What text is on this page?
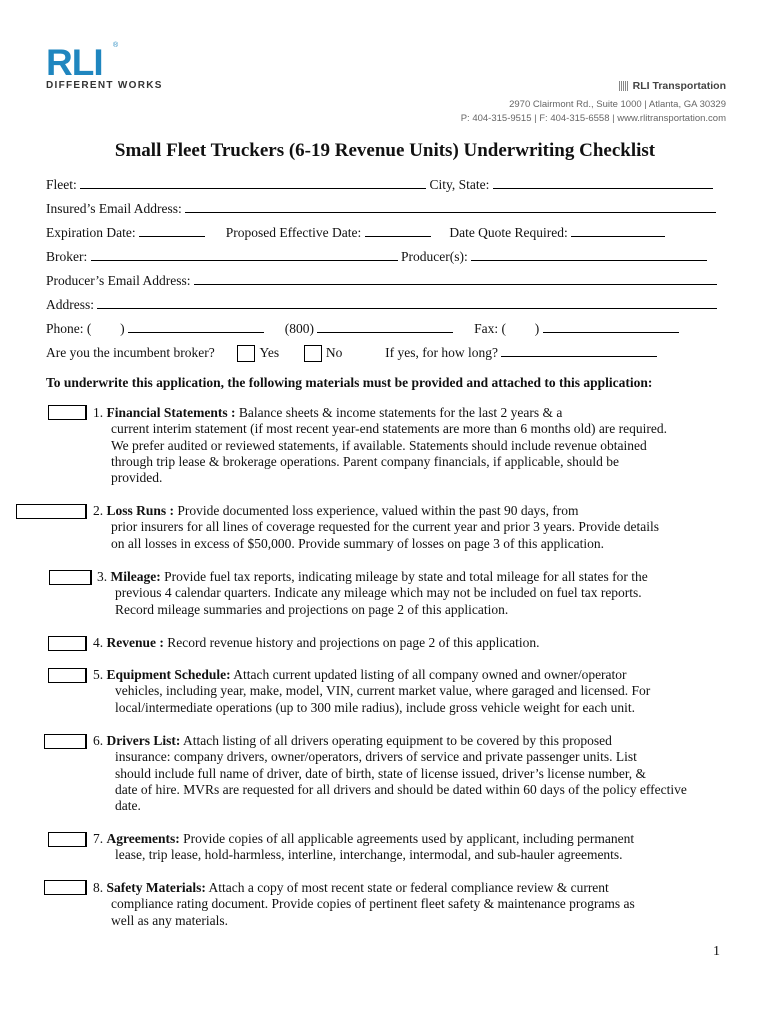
RLI ®
DIFFERENT WORKS	RLI Transportation
2970 Clairmont Rd., Suite 1000 | Atlanta, GA 30329
P: 404-315-9515 | F: 404-315-6558 | www.rlitransportation.com
Small Fleet Truckers (6-19 Revenue Units) Underwriting Checklist
Fleet:	City, State:
Insured’s Email Address:
Expiration Date:	Proposed Effective Date:	Date Quote Required:
Broker:	Producer(s):
Producer’s Email Address:
Address:
Phone: ( )	(800)	Fax: ( )
Are you the incumbent broker?	Yes	No	If yes, for how long?
To underwrite this application, the following materials must be provided and attached to this application:
1. Financial Statements : Balance sheets & income statements for the last 2 years & a
current interim statement (if most recent year-end statements are more than 6 months old) are required.
We prefer audited or reviewed statements, if available. Statements should include revenue obtained
through trip lease & brokerage operations. Parent company financials, if applicable, should be
provided.
2. Loss Runs : Provide documented loss experience, valued within the past 90 days, from
prior insurers for all lines of coverage requested for the current year and prior 3 years. Provide details
on all losses in excess of $50,000. Provide summary of losses on page 3 of this application.
3. Mileage: Provide fuel tax reports, indicating mileage by state and total mileage for all states for the
previous 4 calendar quarters. Indicate any mileage which may not be included on fuel tax reports.
Record mileage summaries and projections on page 2 of this application.
4. Revenue : Record revenue history and projections on page 2 of this application.
5. Equipment Schedule: Attach current updated listing of all company owned and owner/operator
vehicles, including year, make, model, VIN, current market value, where garaged and licensed. For
local/intermediate operations (up to 300 mile radius), include gross vehicle weight for each unit.
6. Drivers List: Attach listing of all drivers operating equipment to be covered by this proposed
insurance: company drivers, owner/operators, drivers of service and private passenger units. List
should include full name of driver, date of birth, state of license issued, driver’s license number, &
date of hire. MVRs are requested for all drivers and should be dated within 60 days of the policy effective
date.
7. Agreements: Provide copies of all applicable agreements used by applicant, including permanent
lease, trip lease, hold-harmless, interline, interchange, intermodal, and sub-hauler agreements.
8. Safety Materials: Attach a copy of most recent state or federal compliance review & current
compliance rating document. Provide copies of pertinent fleet safety & maintenance programs as
well as any materials.
1
